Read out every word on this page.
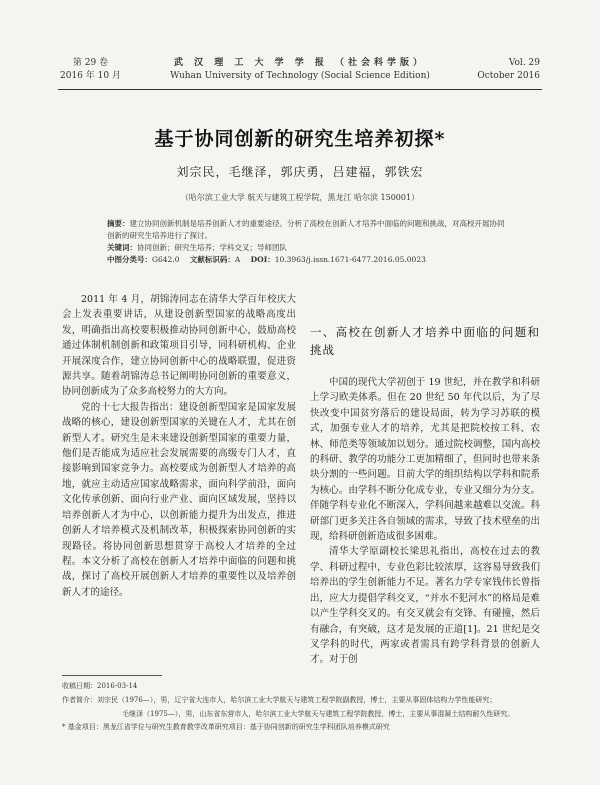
第 29 卷
2016 年 10 月
武 汉 理 工 大 学 学 报 （社会科学版）
Wuhan University of Technology (Social Science Edition)
Vol. 29
October 2016
基于协同创新的研究生培养初探*
刘宗民，毛继泽，郭庆勇，吕建福，郭铁宏
（哈尔滨工业大学 航天与建筑工程学院，黑龙江 哈尔滨 150001）
摘要：建立协同创新机制是培养创新人才的重要途径。分析了高校在创新人才培养中面临的问题和挑战，对高校开展协同创新的研究生培养进行了探讨。
关键词：协同创新；研究生培养；学科交叉；导师团队
中图分类号：G642.0 文献标识码：A DOI：10.3963/j.issn.1671-6477.2016.05.0023

2011 年 4 月，胡锦涛同志在清华大学百年校庆大会上发表重要讲话，从建设创新型国家的战略高度出发，明确指出高校要积极推动协同创新中心，鼓励高校通过体制机制创新和政策项目引导，同科研机构、企业开展深度合作，建立协同创新中心的战略联盟，促进资源共享。随着胡锦涛总书记阐明协同创新的重要意义，协同创新成为了众多高校努力的大方向。

党的十七大报告指出：建设创新型国家是国家发展战略的核心，建设创新型国家的关键在人才，尤其在创新型人才。研究生是未来建设创新型国家的重要力量，他们是否能成为适应社会发展需要的高级专门人才，直接影响到国家竞争力。高校要成为创新型人才培养的高地，就应主动适应国家战略需求，面向科学前沿，面向文化传承创新、面向行业产业、面向区域发展，坚持以培养创新人才为中心，以创新能力提升为出发点，推进创新人才培养模式及机制改革，积极探索协同创新的实现路径。将协同创新思想贯穿于高校人才培养的全过程。本文分析了高校在创新人才培养中面临的问题和挑战，探讨了高校开展创新人才培养的重要性以及培养创新人才的途径。

一、高校在创新人才培养中面临的问题和挑战

中国的现代大学初创于 19 世纪，并在教学和科研上学习欧美体系。但在 20 世纪 50 年代以后，为了尽快改变中国贫穷落后的建设局面，转为学习苏联的模式，加强专业人才的培养，尤其是把院校按工科、农林、师范类等领域加以划分。通过院校调整，国内高校的科研、教学的功能分工更加精细了，但同时也带来条块分割的一些问题。目前大学的组织结构以学科和院系为核心。由学科不断分化成专业，专业又细分为分支。伴随学科专业化不断深入，学科间越来越难以交流。科研部门更多关注各自领域的需求，导致了技术壁垒的出现，给科研创新造成很多困难。

清华大学原副校长梁思礼指出，高校在过去的教学、科研过程中，专业色彩比较浓厚，这容易导致我们培养出的学生创新能力不足。著名力学专家钱伟长曾指出，应大力提倡学科交叉，“并水不犯河水”的格局是难以产生学科交叉的。有交叉就会有交锋、有碰撞，然后有融合，有突破，这才是发展的正道[1]。21 世纪是交叉学科的时代，两家或者需具有跨学科背景的创新人才。对于创

收稿日期：2016-03-14
作者简介：刘宗民（1976—），男，辽宁省大连市人，哈尔滨工业大学航天与建筑工程学院副教授，博士，主要从事固体结构力学性能研究；
毛继泽（1975—），男，山东省东营市人，哈尔滨工业大学航天与建筑工程学院教授，博士，主要从事混凝土结构耐久性研究。
* 基金项目：黑龙江省学位与研究生教育教学改革研究项目：基于协同创新的研究生学科团队培养模式研究
